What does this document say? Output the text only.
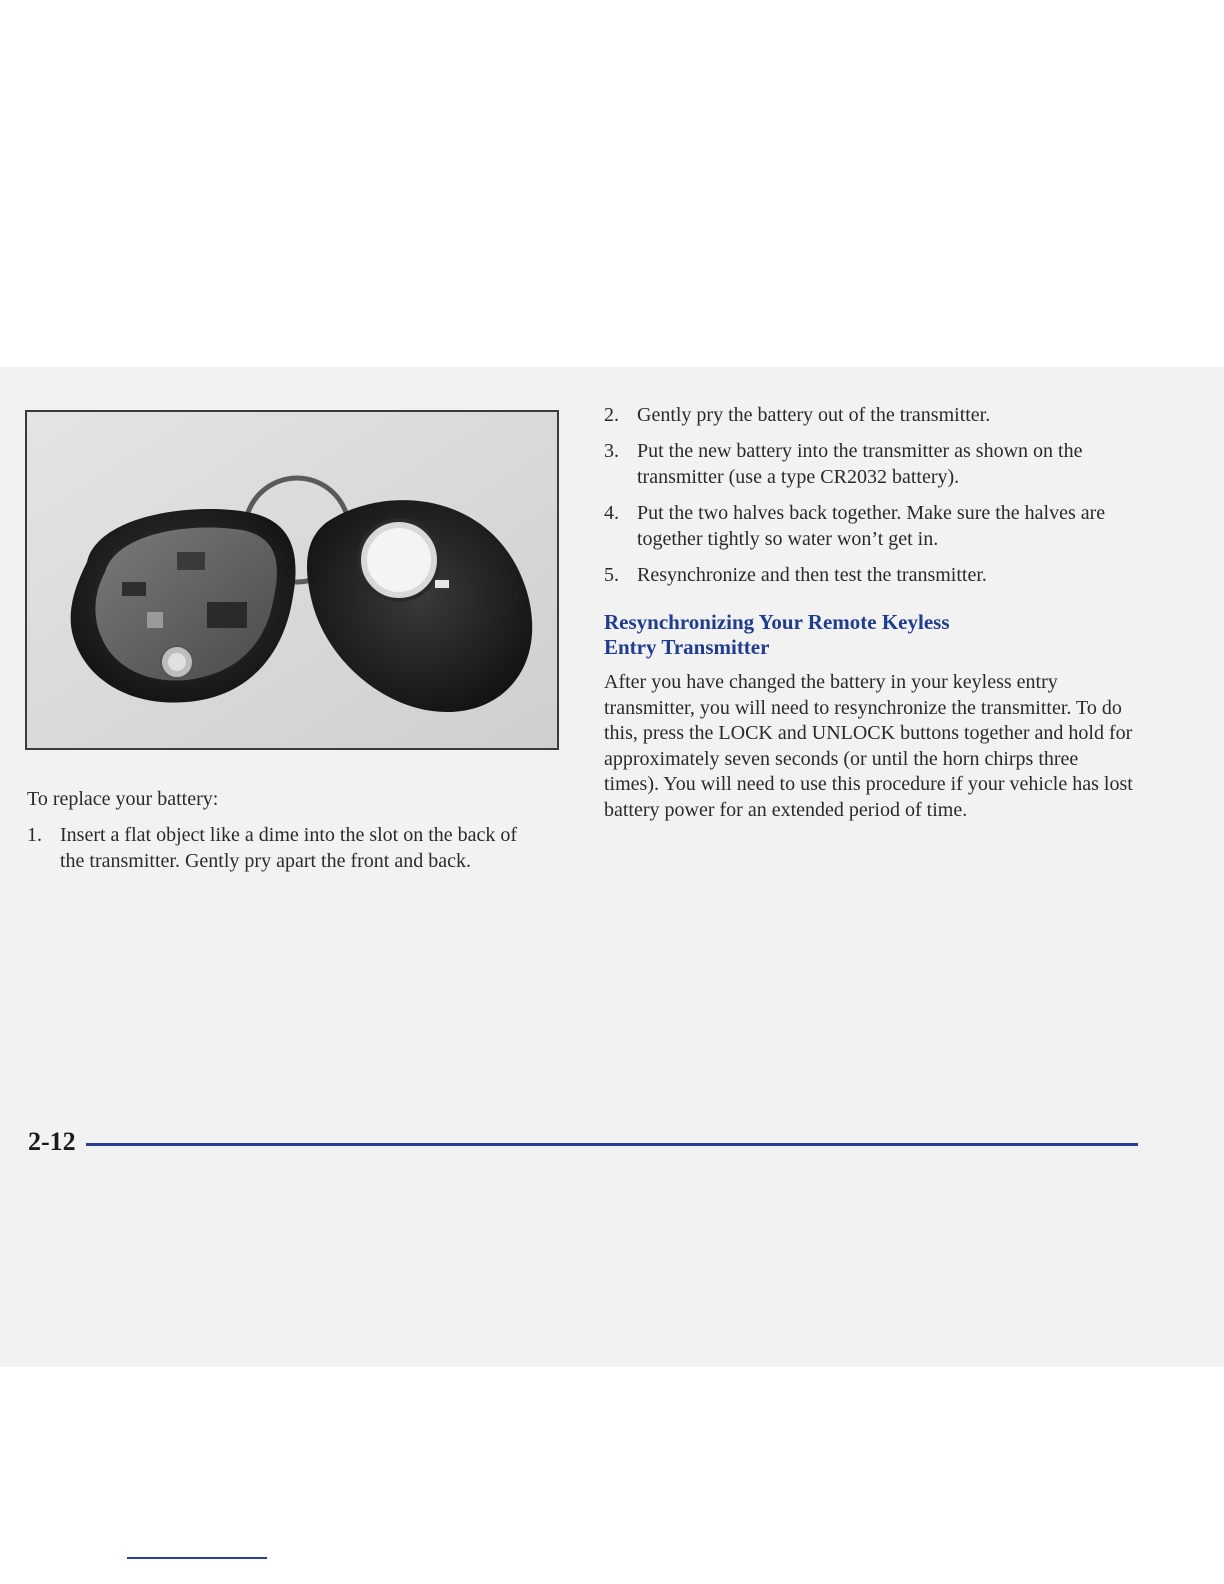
To replace your battery:

1. Insert a flat object like a dime into the slot on the back of the transmitter. Gently pry apart the front and back.
2. Gently pry the battery out of the transmitter.
3. Put the new battery into the transmitter as shown on the transmitter (use a type CR2032 battery).
4. Put the two halves back together. Make sure the halves are together tightly so water won’t get in.
5. Resynchronize and then test the transmitter.
Resynchronizing Your Remote Keyless
Entry Transmitter

After you have changed the battery in your keyless entry transmitter, you will need to resynchronize the transmitter. To do this, press the LOCK and UNLOCK buttons together and hold for approximately seven seconds (or until the horn chirps three times). You will need to use this procedure if your vehicle has lost battery power for an extended period of time.

2-12
